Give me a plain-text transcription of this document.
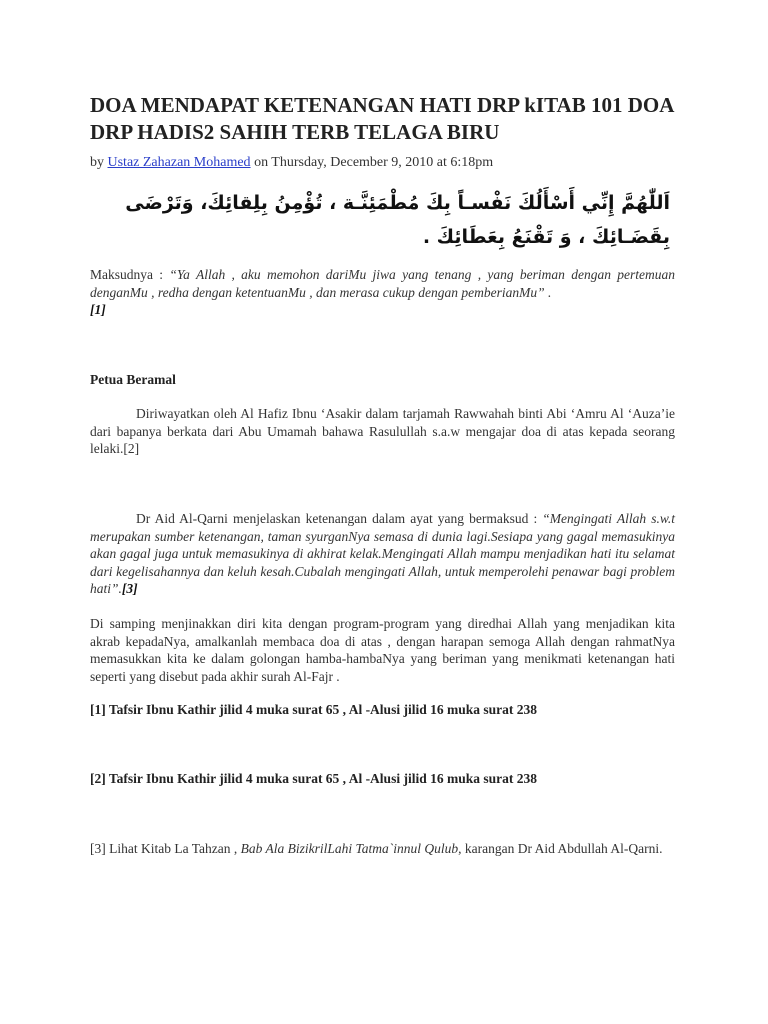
DOA MENDAPAT KETENANGAN HATI DRP kITAB 101 DOA DRP HADIS2 SAHIH TERB TELAGA BIRU
by Ustaz Zahazan Mohamed on Thursday, December 9, 2010 at 6:18pm
اَللّٰهُمَّ إِنِّي أَسْأَلُكَ نَفْسـاً بِكَ مُطْمَئِنَّـة ، تُؤْمِنُ بِلِقائِكَ، وَتَرْضَى
بِقَضَـائِكَ ، وَ تَقْنَعُ بِعَطَائِكَ .

Maksudnya : “Ya Allah , aku memohon dariMu jiwa yang tenang , yang beriman dengan pertemuan denganMu , redha dengan ketentuanMu , dan merasa cukup dengan pemberianMu” .
[1]

Petua Beramal

Diriwayatkan oleh Al Hafiz Ibnu ‘Asakir dalam tarjamah Rawwahah binti Abi ‘Amru Al ‘Auza’ie dari bapanya berkata dari Abu Umamah bahawa Rasulullah s.a.w mengajar doa di atas kepada seorang lelaki.[2]

Dr Aid Al-Qarni menjelaskan ketenangan dalam ayat yang bermaksud : “Mengingati Allah s.w.t merupakan sumber ketenangan, taman syurganNya semasa di dunia lagi.Sesiapa yang gagal memasukinya akan gagal juga untuk memasukinya di akhirat kelak.Mengingati Allah mampu menjadikan hati itu selamat dari kegelisahannya dan keluh kesah.Cubalah mengingati Allah, untuk memperolehi penawar bagi problem hati”.[3]

Di samping menjinakkan diri kita dengan program-program yang diredhai Allah yang menjadikan kita akrab kepadaNya, amalkanlah membaca doa di atas , dengan harapan semoga Allah dengan rahmatNya memasukkan kita ke dalam golongan hamba-hambaNya yang beriman yang menikmati ketenangan hati seperti yang disebut pada akhir surah Al-Fajr .

[1] Tafsir Ibnu Kathir jilid 4 muka surat 65 , Al -Alusi jilid 16 muka surat 238
[2] Tafsir Ibnu Kathir jilid 4 muka surat 65 , Al -Alusi jilid 16 muka surat 238
[3] Lihat Kitab La Tahzan , Bab Ala BizikrilLahi Tatma`innul Qulub, karangan Dr Aid Abdullah Al-Qarni.
